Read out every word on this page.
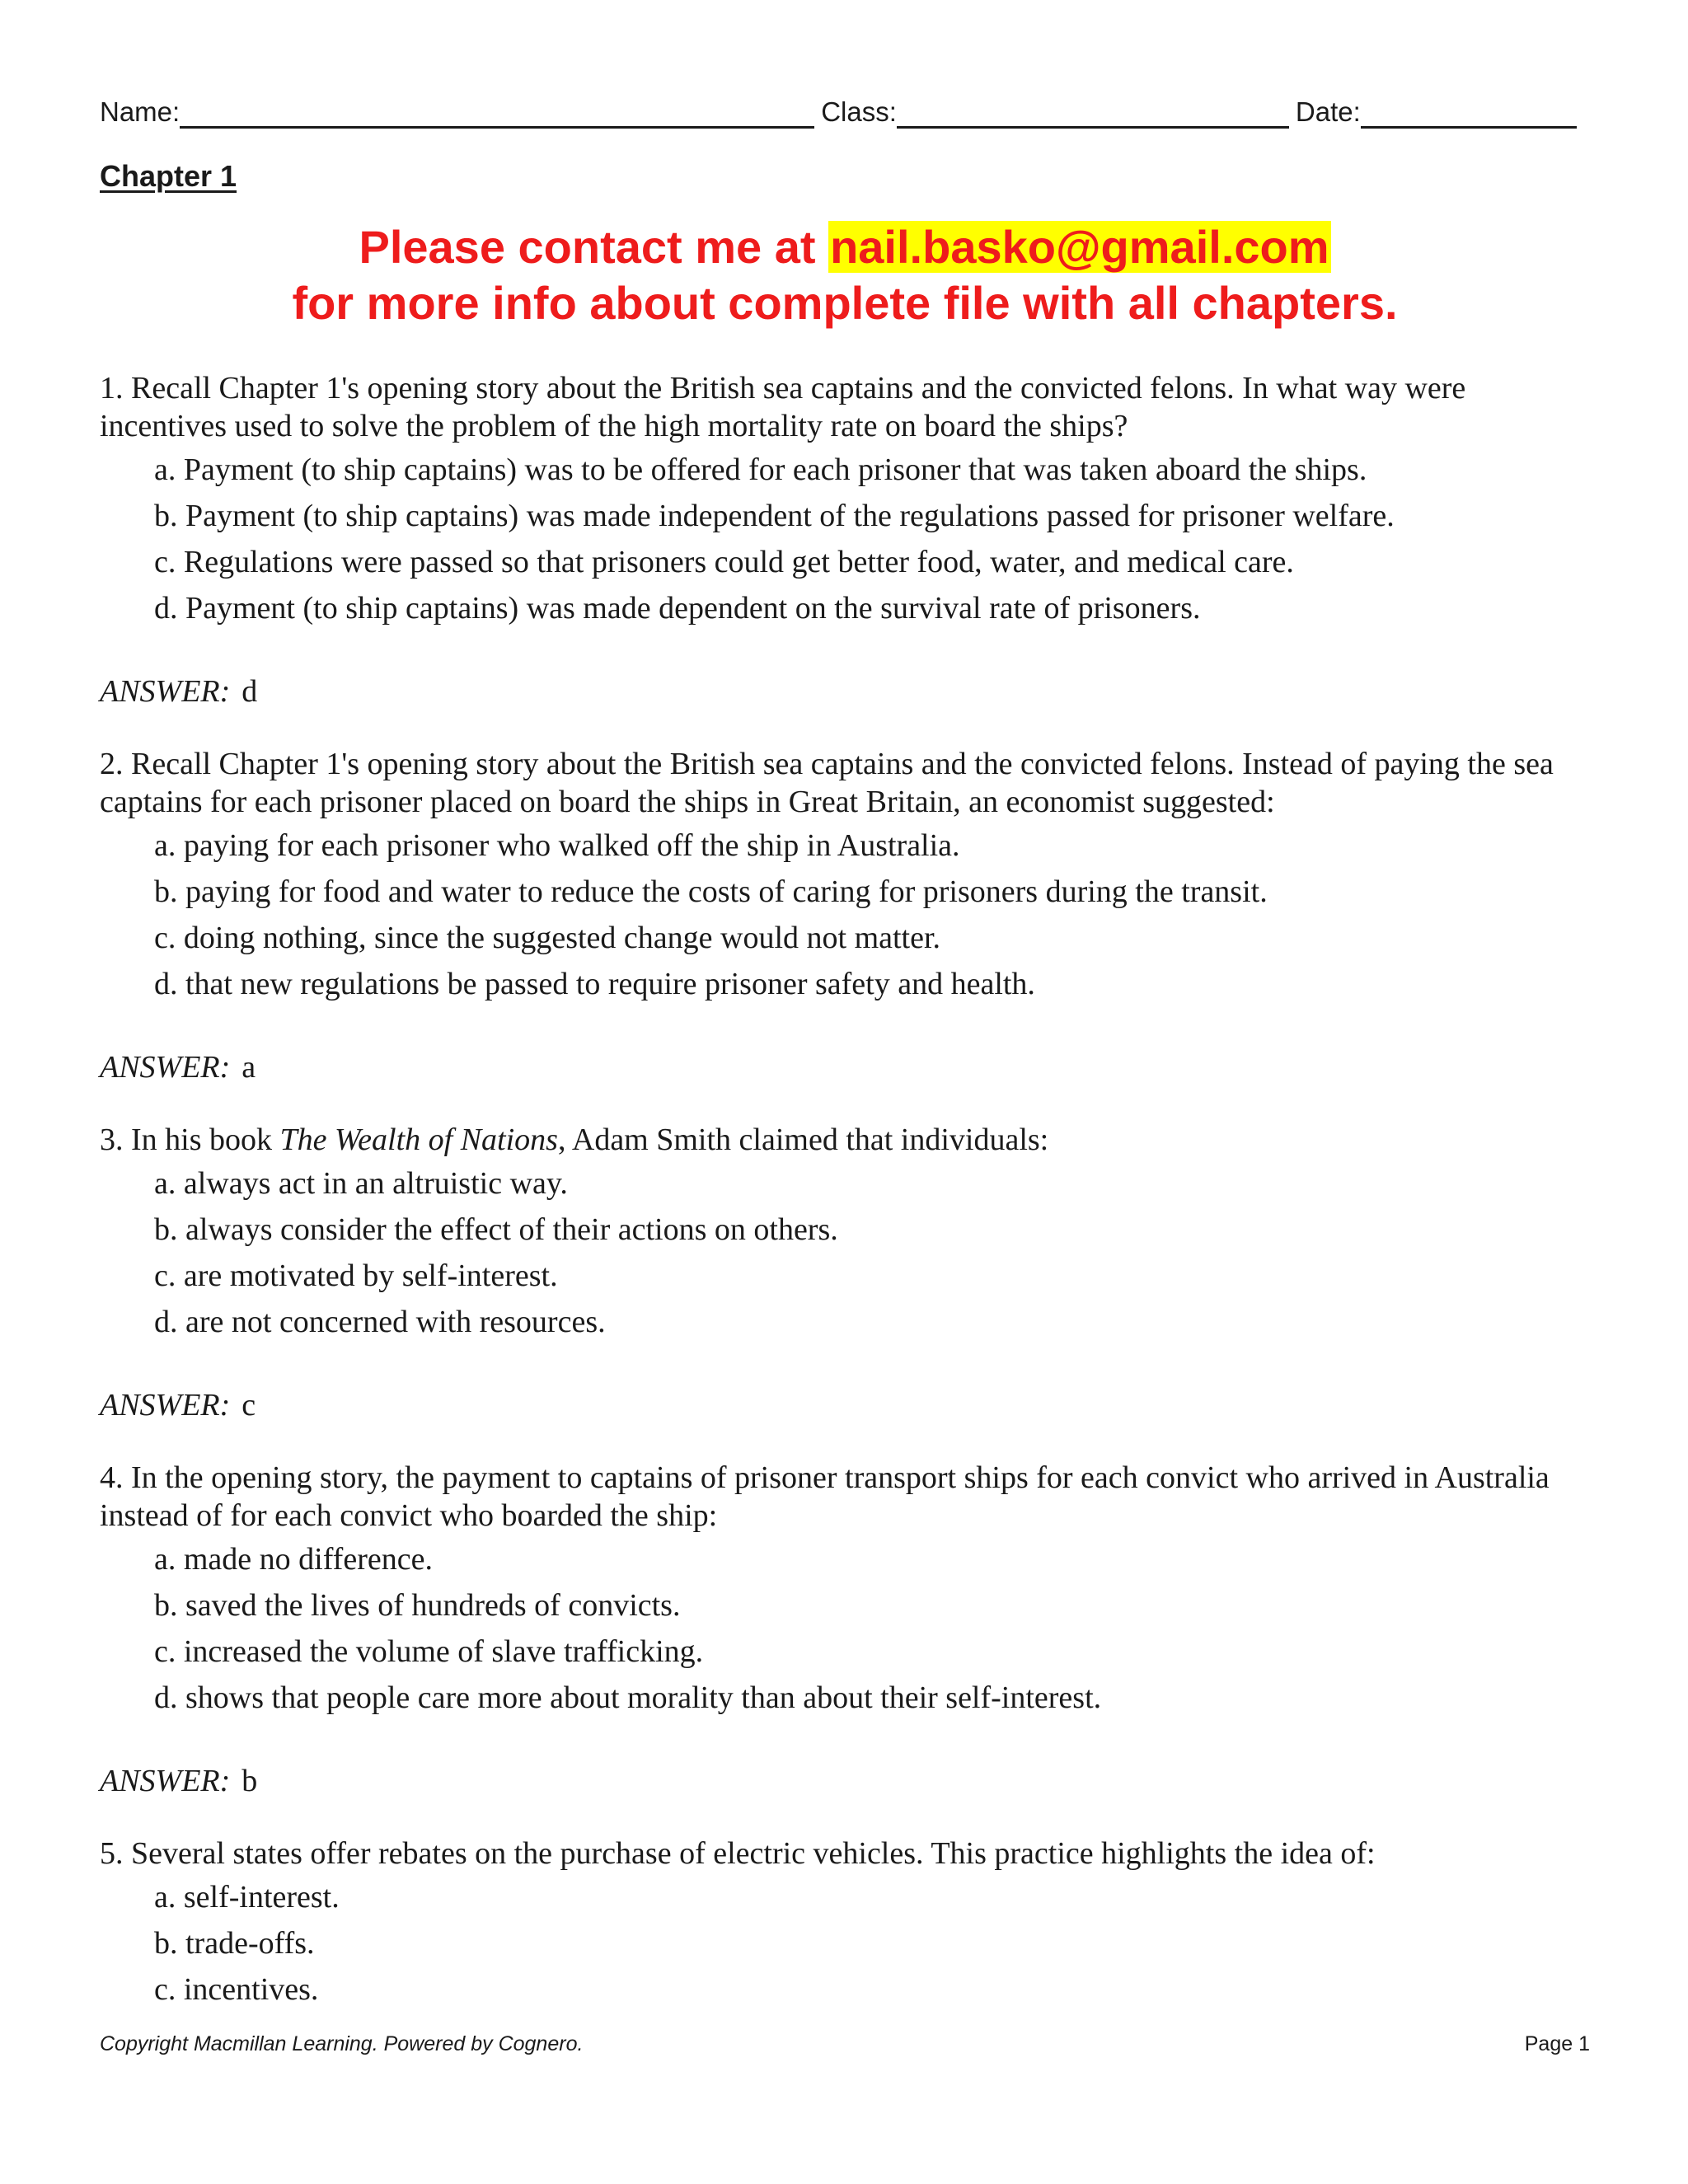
Name:	Class:	Date:
Chapter 1
Please contact me at nail.basko@gmail.com
for more info about complete file with all chapters.

1. Recall Chapter 1's opening story about the British sea captains and the convicted felons. In what way were incentives used to solve the problem of the high mortality rate on board the ships?

a. Payment (to ship captains) was to be offered for each prisoner that was taken aboard the ships.
b. Payment (to ship captains) was made independent of the regulations passed for prisoner welfare.
c. Regulations were passed so that prisoners could get better food, water, and medical care.
d. Payment (to ship captains) was made dependent on the survival rate of prisoners.
ANSWER: d

2. Recall Chapter 1's opening story about the British sea captains and the convicted felons. Instead of paying the sea captains for each prisoner placed on board the ships in Great Britain, an economist suggested:

a. paying for each prisoner who walked off the ship in Australia.
b. paying for food and water to reduce the costs of caring for prisoners during the transit.
c. doing nothing, since the suggested change would not matter.
d. that new regulations be passed to require prisoner safety and health.
ANSWER: a

3. In his book The Wealth of Nations, Adam Smith claimed that individuals:

a. always act in an altruistic way.
b. always consider the effect of their actions on others.
c. are motivated by self-interest.
d. are not concerned with resources.
ANSWER: c

4. In the opening story, the payment to captains of prisoner transport ships for each convict who arrived in Australia instead of for each convict who boarded the ship:

a. made no difference.
b. saved the lives of hundreds of convicts.
c. increased the volume of slave trafficking.
d. shows that people care more about morality than about their self-interest.
ANSWER: b

5. Several states offer rebates on the purchase of electric vehicles. This practice highlights the idea of:

a. self-interest.
b. trade-offs.
c. incentives.
Copyright Macmillan Learning. Powered by Cognero.	Page 1
